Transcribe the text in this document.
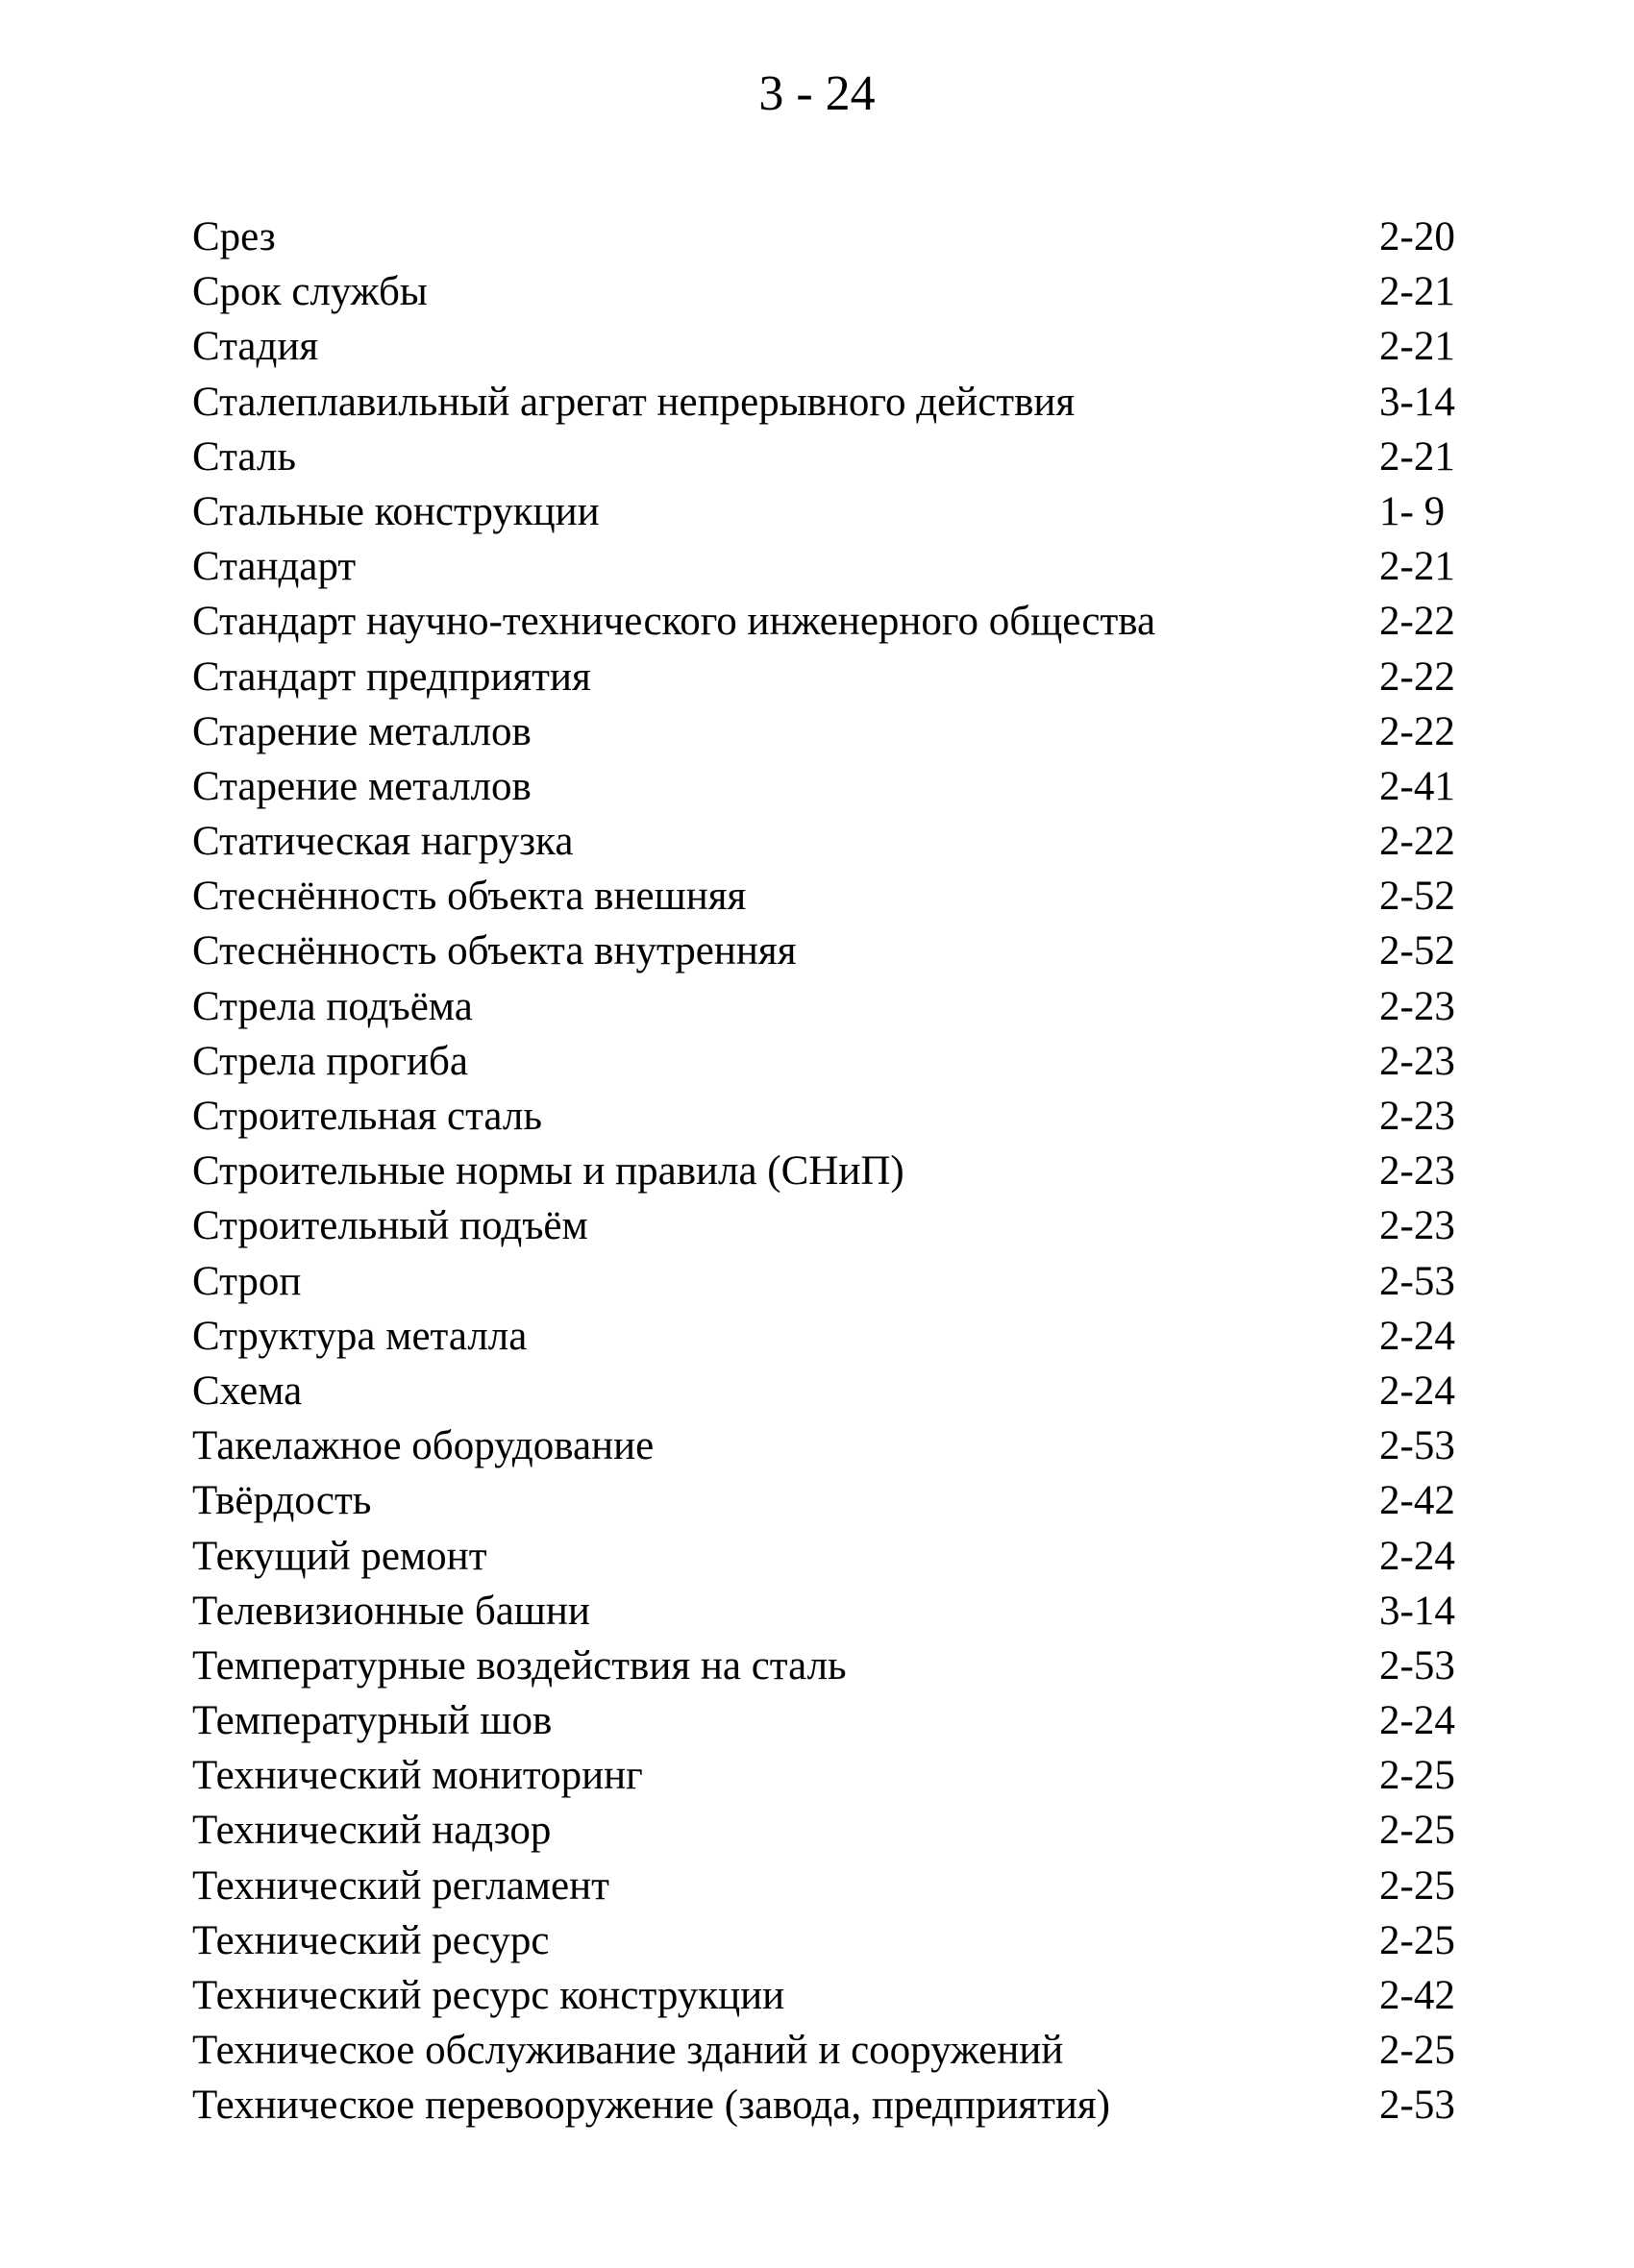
3 - 24
Срез	2-20
Срок службы	2-21
Стадия	2-21
Сталеплавильный агрегат непрерывного действия	3-14
Сталь	2-21
Стальные конструкции	1- 9
Стандарт	2-21
Стандарт научно-технического инженерного общества	2-22
Стандарт предприятия	2-22
Старение металлов	2-22
Старение металлов	2-41
Статическая нагрузка	2-22
Стеснённость объекта внешняя	2-52
Стеснённость объекта внутренняя	2-52
Стрела подъёма	2-23
Стрела прогиба	2-23
Строительная сталь	2-23
Строительные нормы и правила (СНиП)	2-23
Строительный подъём	2-23
Строп	2-53
Структура металла	2-24
Схема	2-24
Такелажное оборудование	2-53
Твёрдость	2-42
Текущий ремонт	2-24
Телевизионные башни	3-14
Температурные воздействия на сталь	2-53
Температурный шов	2-24
Технический мониторинг	2-25
Технический надзор	2-25
Технический регламент	2-25
Технический ресурс	2-25
Технический ресурс конструкции	2-42
Техническое обслуживание зданий и сооружений	2-25
Техническое перевооружение (завода, предприятия)	2-53
